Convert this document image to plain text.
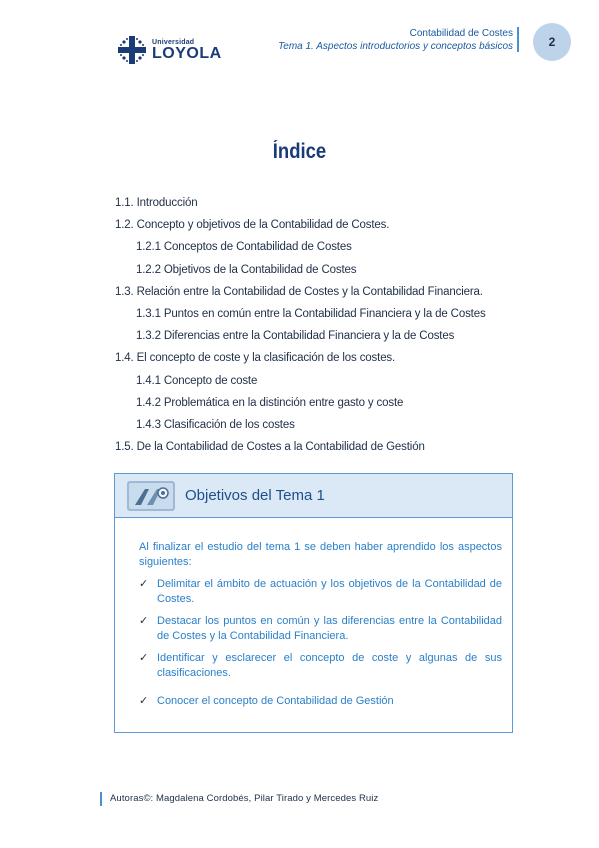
Universidad
LOYOLA
Contabilidad de Costes
Tema 1. Aspectos introductorios y conceptos básicos	2
Índice
1.1. Introducción
1.2. Concepto y objetivos de la Contabilidad de Costes.
1.2.1 Conceptos de Contabilidad de Costes
1.2.2 Objetivos de la Contabilidad de Costes
1.3. Relación entre la Contabilidad de Costes y la Contabilidad Financiera.
1.3.1 Puntos en común entre la Contabilidad Financiera y la de Costes
1.3.2 Diferencias entre la Contabilidad Financiera y la de Costes
1.4. El concepto de coste y la clasificación de los costes.
1.4.1 Concepto de coste
1.4.2 Problemática en la distinción entre gasto y coste
1.4.3 Clasificación de los costes
1.5. De la Contabilidad de Costes a la Contabilidad de Gestión
Objetivos del Tema 1
Al finalizar el estudio del tema 1 se deben haber aprendido los aspectos siguientes:
✓ Delimitar el ámbito de actuación y los objetivos de la Contabilidad de Costes.
✓ Destacar los puntos en común y las diferencias entre la Contabilidad de Costes y la Contabilidad Financiera.
✓ Identificar y esclarecer el concepto de coste y algunas de sus clasificaciones.
✓ Conocer el concepto de Contabilidad de Gestión
Autoras©: Magdalena Cordobés, Pilar Tirado y Mercedes Ruiz
